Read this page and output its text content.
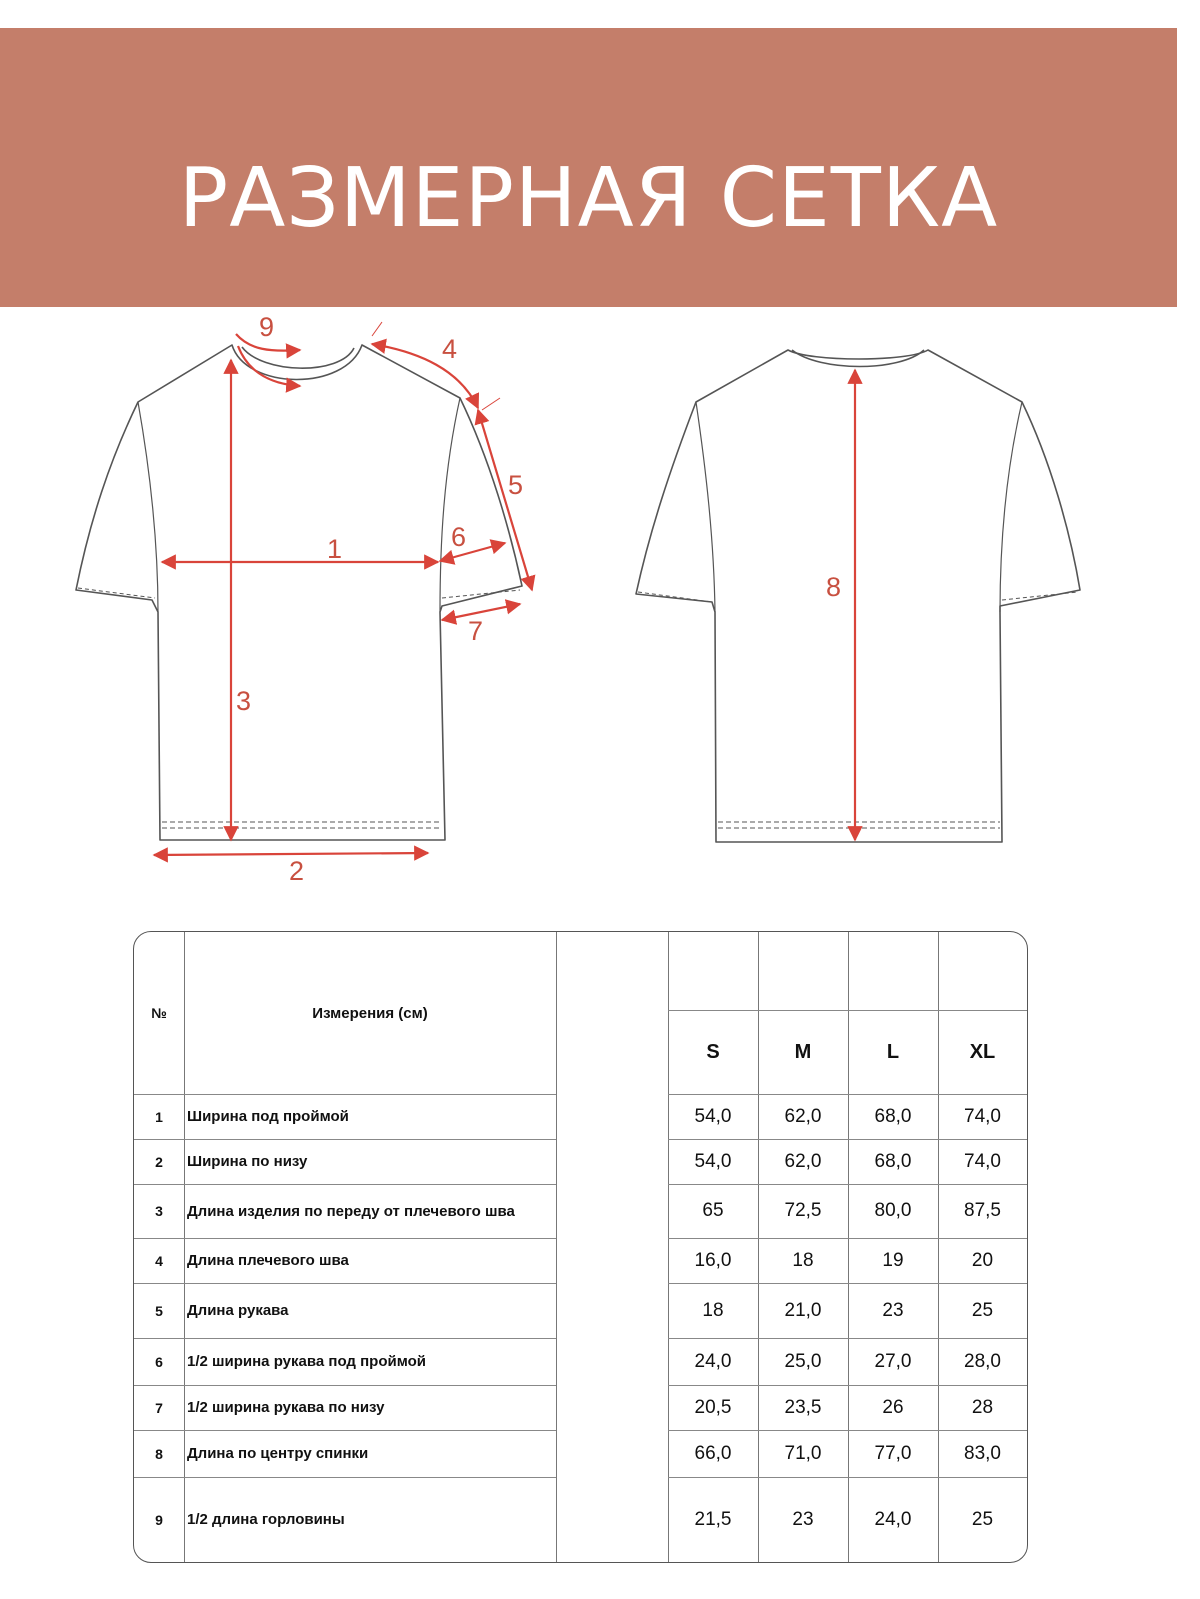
РАЗМЕРНАЯ СЕТКА
1
2
3
4
5
6
7
9
8
№	Измерения (см)
S	M	L	XL
1	Ширина под проймой	54,0	62,0	68,0	74,0
2	Ширина по низу	54,0	62,0	68,0	74,0
3	Длина изделия по переду от плечевого шва	65	72,5	80,0	87,5
4	Длина плечевого шва	16,0	18	19	20
5	Длина рукава	18	21,0	23	25
6	1/2 ширина рукава под проймой	24,0	25,0	27,0	28,0
7	1/2 ширина рукава по низу	20,5	23,5	26	28
8	Длина по центру спинки	66,0	71,0	77,0	83,0
9	1/2 длина горловины	21,5	23	24,0	25
